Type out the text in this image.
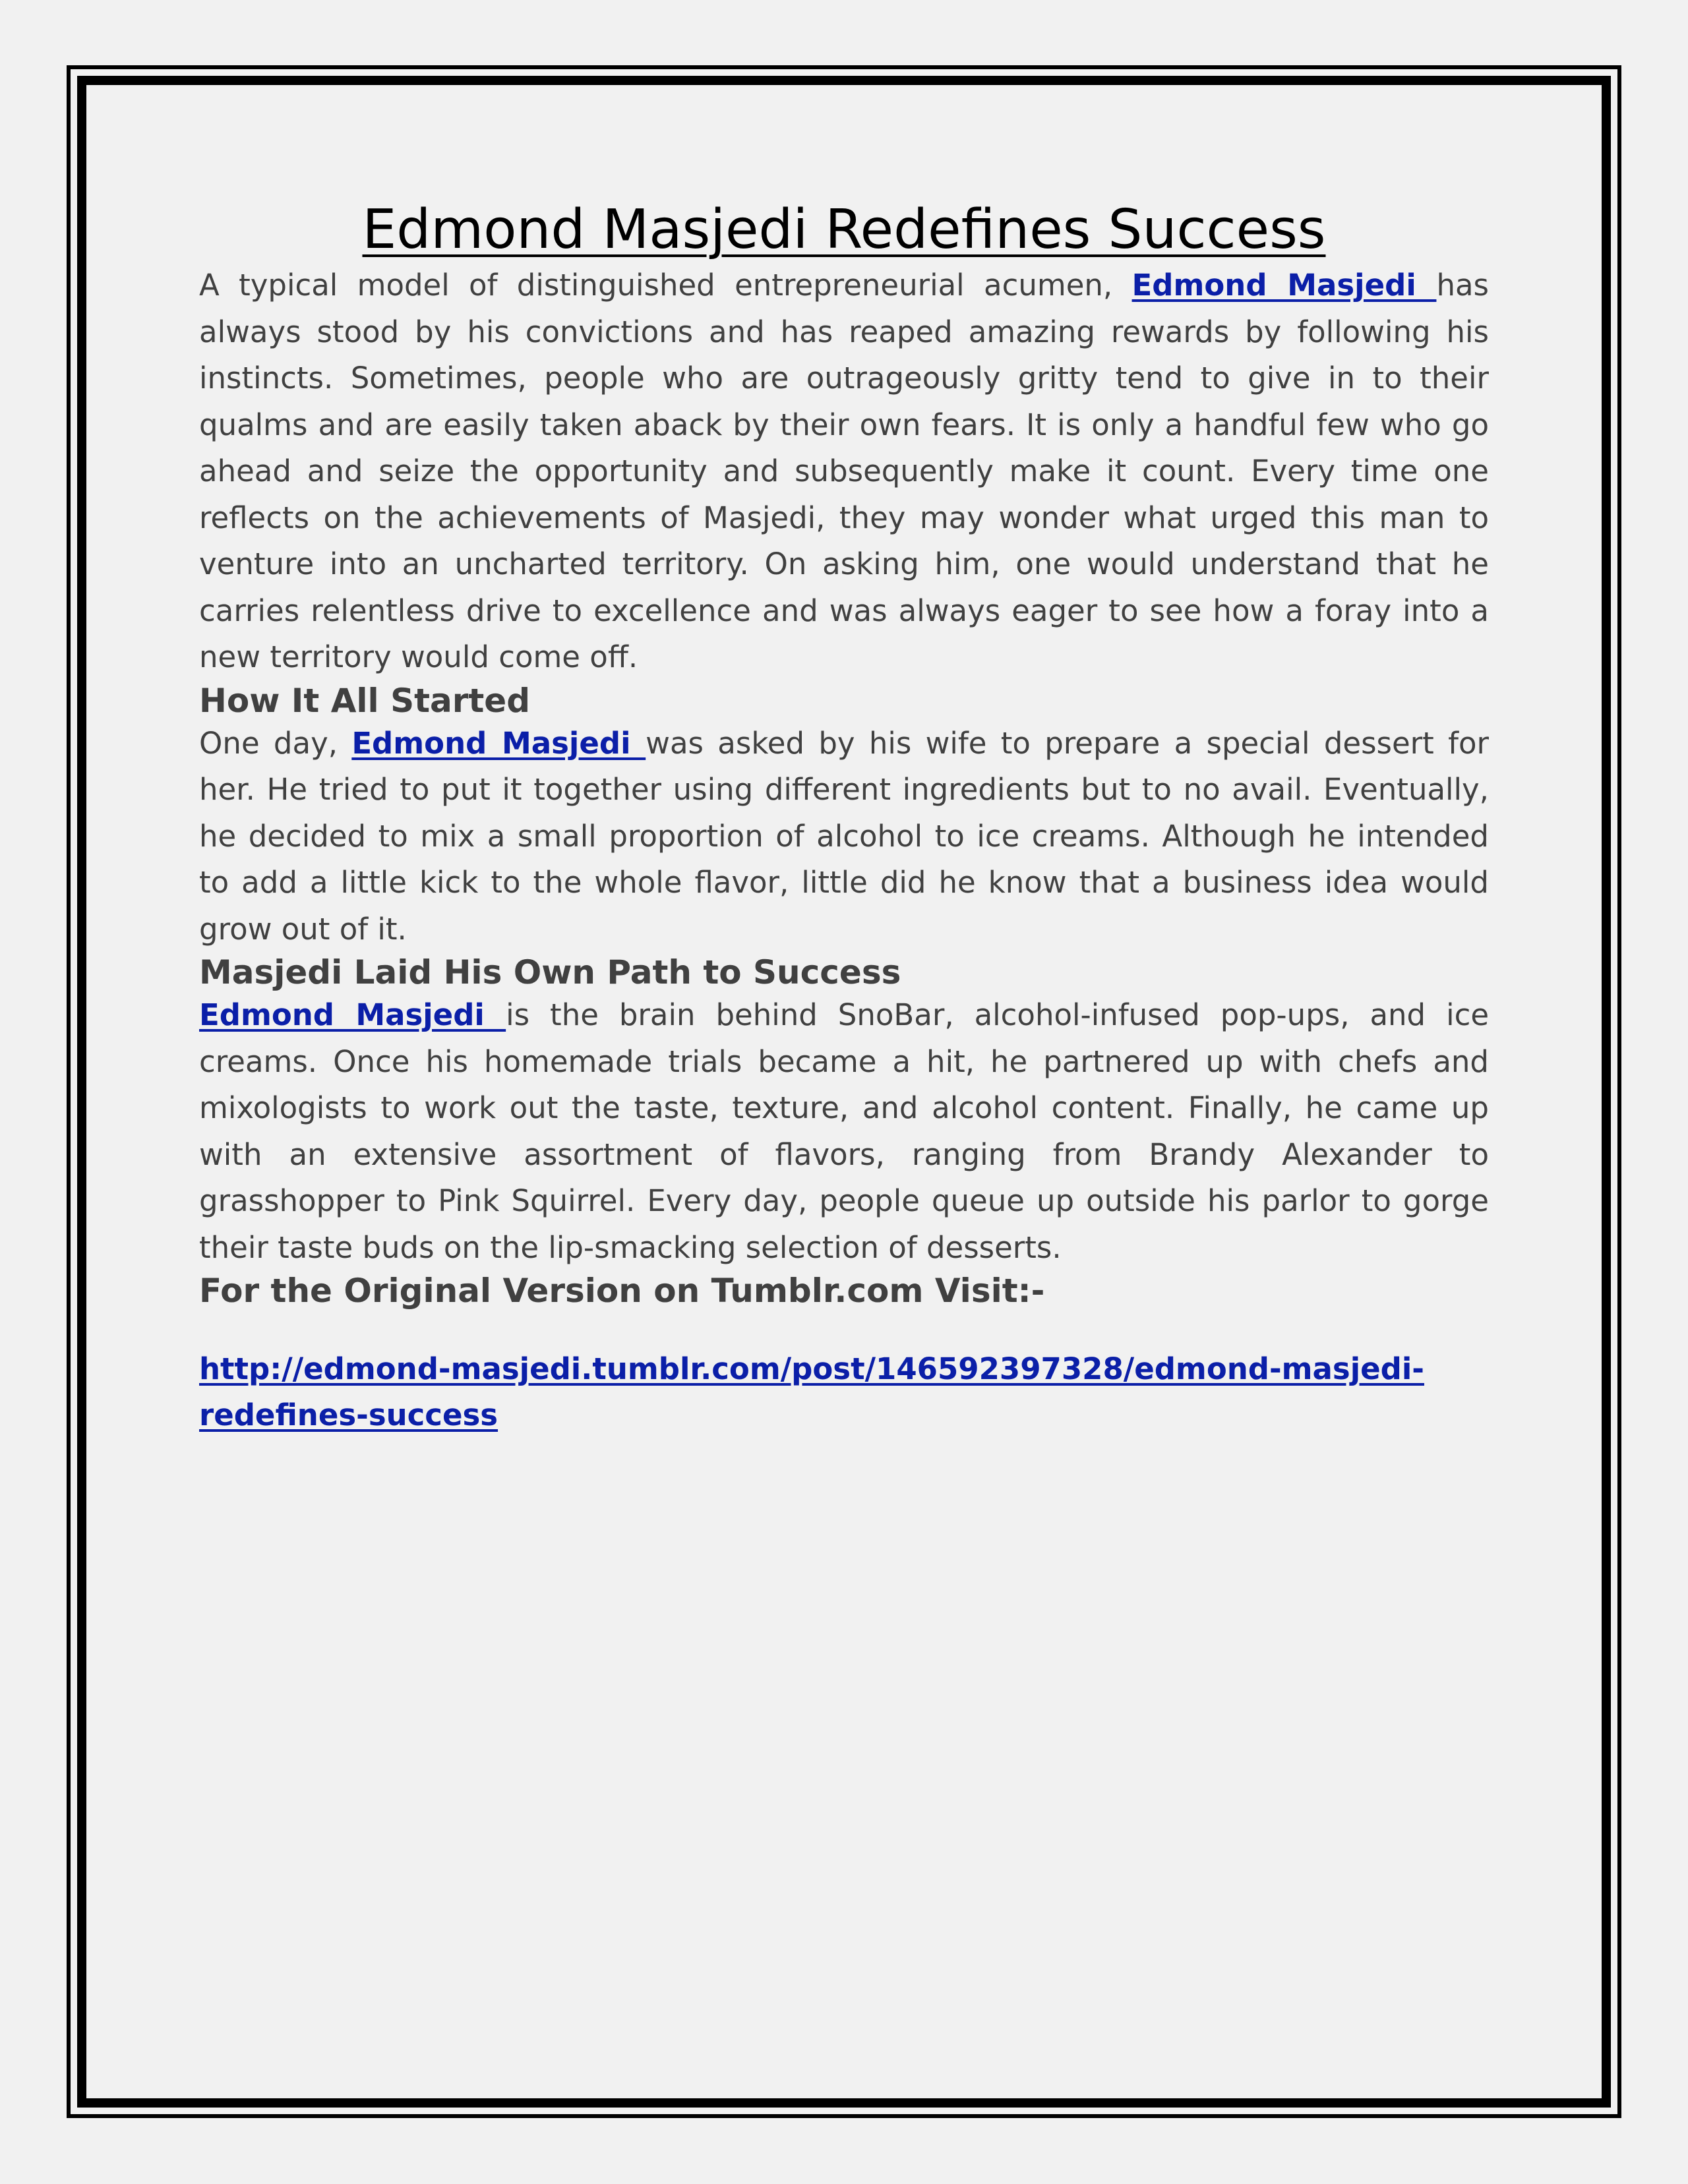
Edmond Masjedi Redefines Success

A typical model of distinguished entrepreneurial acumen, Edmond Masjedi has always stood by his convictions and has reaped amazing rewards by following his instincts. Sometimes, people who are outrageously gritty tend to give in to their qualms and are easily taken aback by their own fears. It is only a handful few who go ahead and seize the opportunity and subsequently make it count. Every time one reflects on the achievements of Masjedi, they may wonder what urged this man to venture into an uncharted territory. On asking him, one would understand that he carries relentless drive to excellence and was always eager to see how a foray into a new territory would come off.

How It All Started

One day, Edmond Masjedi was asked by his wife to prepare a special dessert for her. He tried to put it together using different ingredients but to no avail. Eventually, he decided to mix a small proportion of alcohol to ice creams. Although he intended to add a little kick to the whole flavor, little did he know that a business idea would grow out of it.

Masjedi Laid His Own Path to Success

Edmond Masjedi is the brain behind SnoBar, alcohol-infused pop-ups, and ice creams. Once his homemade trials became a hit, he partnered up with chefs and mixologists to work out the taste, texture, and alcohol content. Finally, he came up with an extensive assortment of flavors, ranging from Brandy Alexander to grasshopper to Pink Squirrel. Every day, people queue up outside his parlor to gorge their taste buds on the lip-smacking selection of desserts.

For the Original Version on Tumblr.com Visit:-
http://edmond-masjedi.tumblr.com/post/146592397328/edmond-masjedi-redefines-success
